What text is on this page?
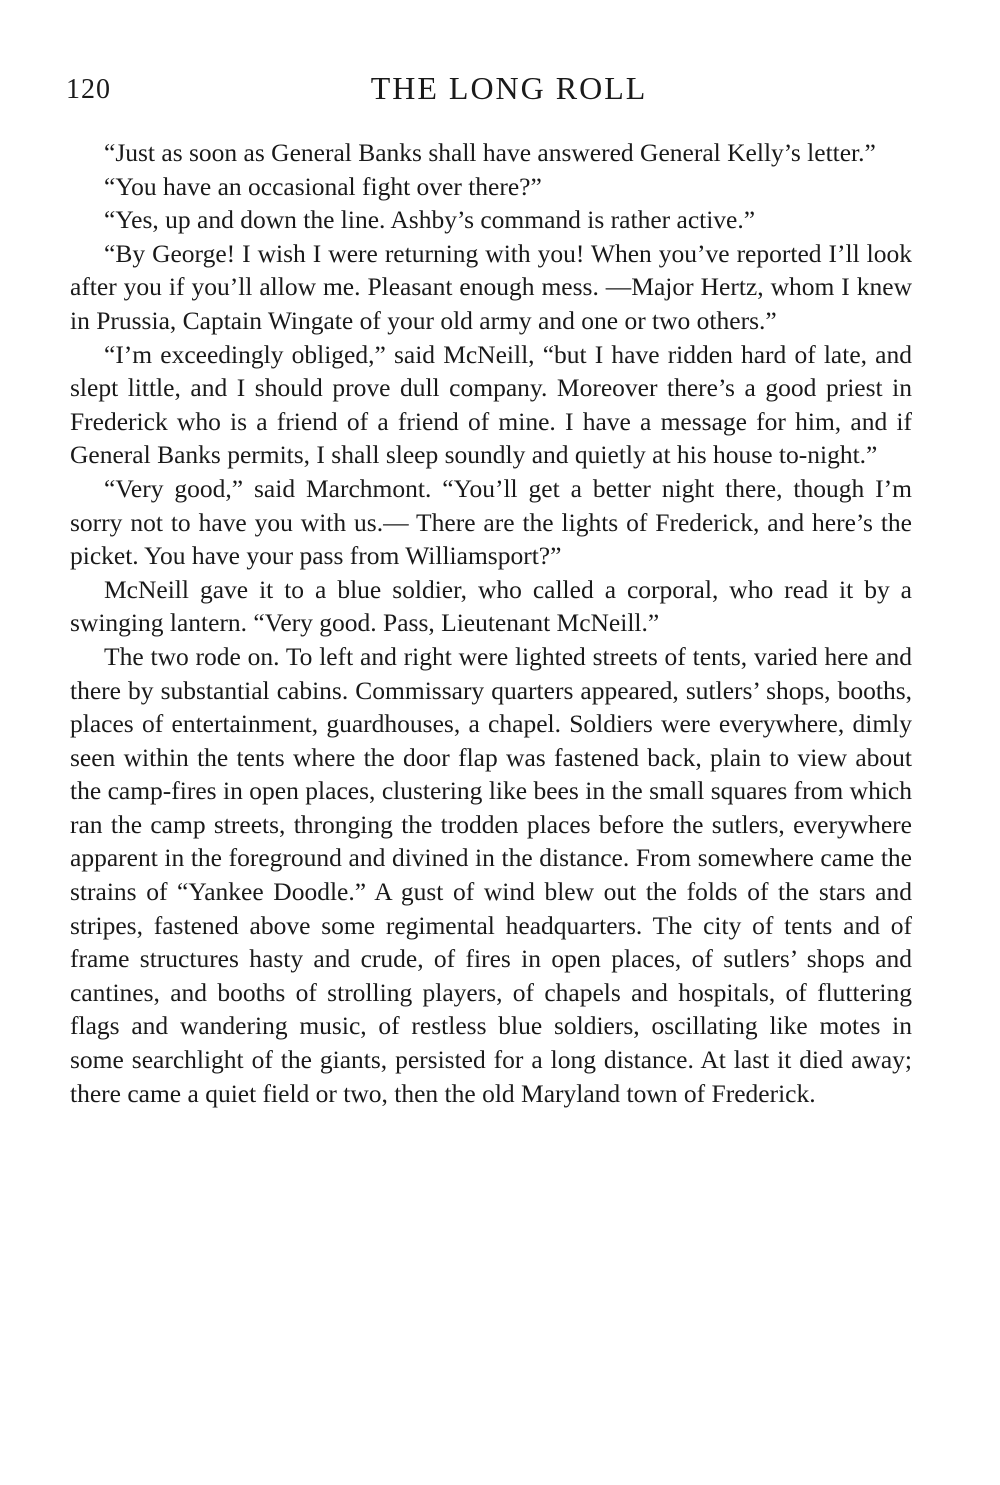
120	THE LONG ROLL

“Just as soon as General Banks shall have answered General Kelly’s letter.”

“You have an occasional fight over there?”

“Yes, up and down the line. Ashby’s command is rather active.”

“By George! I wish I were returning with you! When you’ve reported I’ll look after you if you’ll allow me. Pleasant enough mess. —Major Hertz, whom I knew in Prussia, Captain Wingate of your old army and one or two others.”

“I’m exceedingly obliged,” said McNeill, “but I have ridden hard of late, and slept little, and I should prove dull company. Moreover there’s a good priest in Frederick who is a friend of a friend of mine. I have a message for him, and if General Banks permits, I shall sleep soundly and quietly at his house to-night.”

“Very good,” said Marchmont. “You’ll get a better night there, though I’m sorry not to have you with us.— There are the lights of Frederick, and here’s the picket. You have your pass from Williamsport?”

McNeill gave it to a blue soldier, who called a corporal, who read it by a swinging lantern. “Very good. Pass, Lieutenant McNeill.”

The two rode on. To left and right were lighted streets of tents, varied here and there by substantial cabins. Commissary quarters appeared, sutlers’ shops, booths, places of entertainment, guardhouses, a chapel. Soldiers were everywhere, dimly seen within the tents where the door flap was fastened back, plain to view about the camp-fires in open places, clustering like bees in the small squares from which ran the camp streets, thronging the trodden places before the sutlers, everywhere apparent in the foreground and divined in the distance. From somewhere came the strains of “Yankee Doodle.” A gust of wind blew out the folds of the stars and stripes, fastened above some regimental headquarters. The city of tents and of frame structures hasty and crude, of fires in open places, of sutlers’ shops and cantines, and booths of strolling players, of chapels and hospitals, of fluttering flags and wandering music, of restless blue soldiers, oscillating like motes in some searchlight of the giants, persisted for a long distance. At last it died away; there came a quiet field or two, then the old Maryland town of Frederick.
